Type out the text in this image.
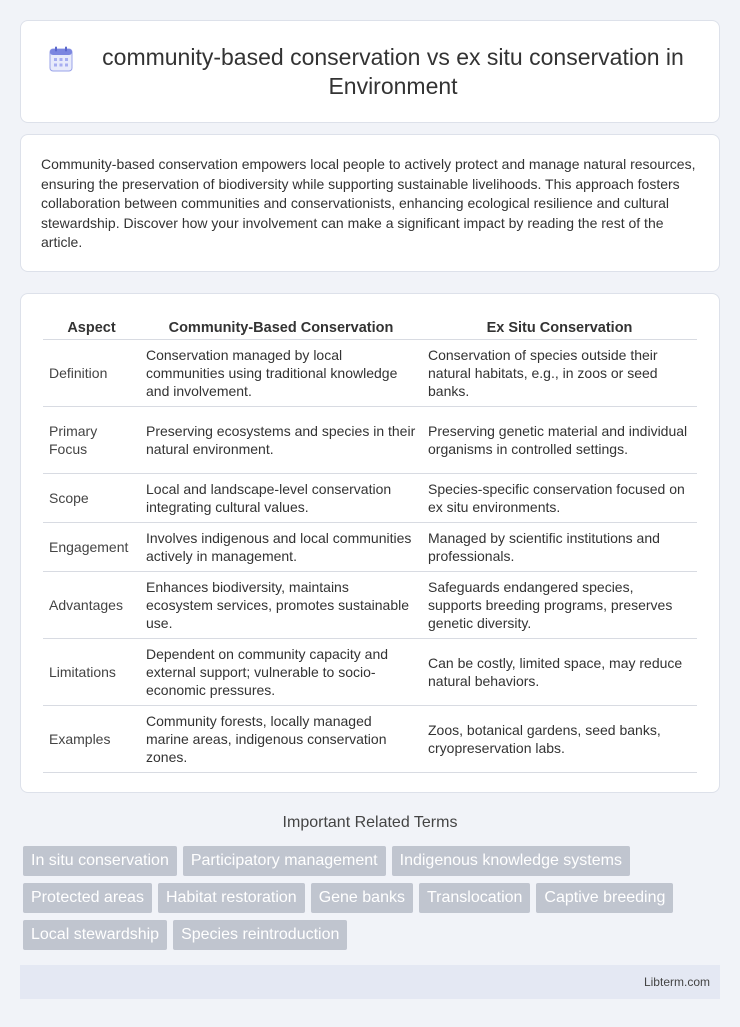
community-based conservation vs ex situ conservation in Environment

Community-based conservation empowers local people to actively protect and manage natural resources, ensuring the preservation of biodiversity while supporting sustainable livelihoods. This approach fosters collaboration between communities and conservationists, enhancing ecological resilience and cultural stewardship. Discover how your involvement can make a significant impact by reading the rest of the article.

Aspect	Community-Based Conservation	Ex Situ Conservation
Definition	Conservation managed by local communities using traditional knowledge and involvement.	Conservation of species outside their natural habitats, e.g., in zoos or seed banks.
Primary Focus	Preserving ecosystems and species in their natural environment.	Preserving genetic material and individual organisms in controlled settings.
Scope	Local and landscape-level conservation integrating cultural values.	Species-specific conservation focused on ex situ environments.
Engagement	Involves indigenous and local communities actively in management.	Managed by scientific institutions and professionals.
Advantages	Enhances biodiversity, maintains ecosystem services, promotes sustainable use.	Safeguards endangered species, supports breeding programs, preserves genetic diversity.
Limitations	Dependent on community capacity and external support; vulnerable to socio-economic pressures.	Can be costly, limited space, may reduce natural behaviors.
Examples	Community forests, locally managed marine areas, indigenous conservation zones.	Zoos, botanical gardens, seed banks, cryopreservation labs.
Important Related Terms
In situ conservation	Participatory management	Indigenous knowledge systems
Protected areas	Habitat restoration	Gene banks	Translocation	Captive breeding
Local stewardship	Species reintroduction
Libterm.com
